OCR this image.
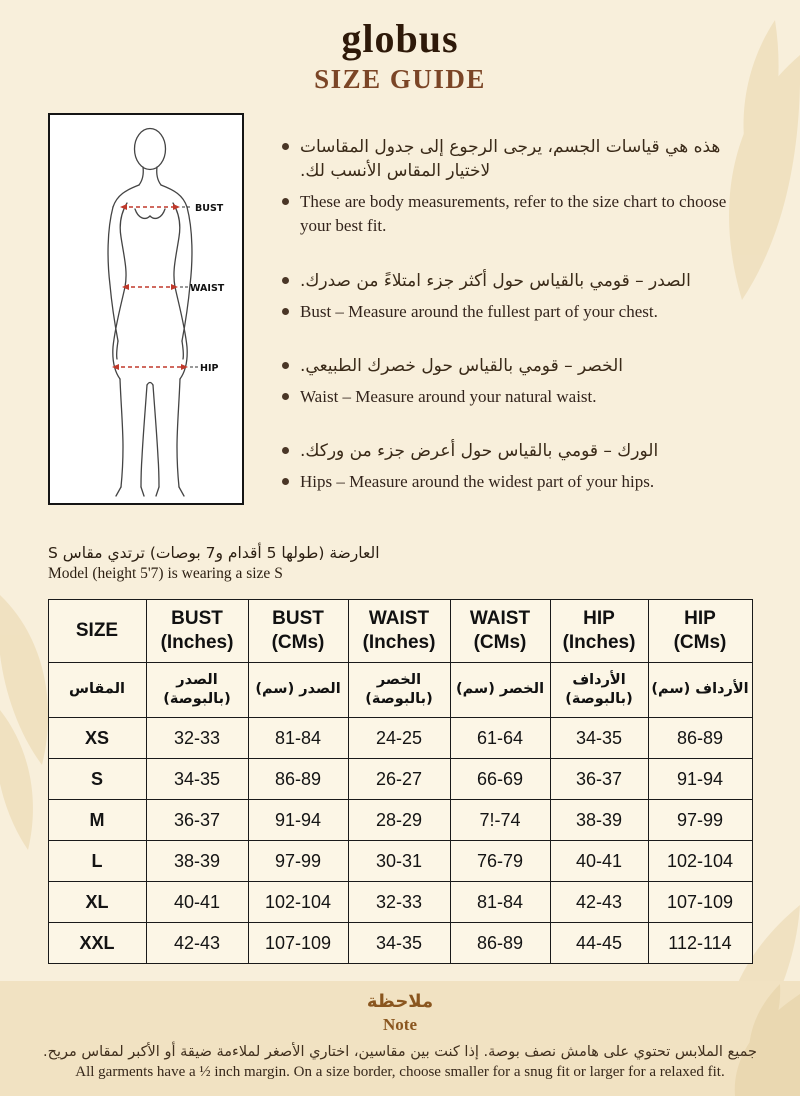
globus
SIZE GUIDE
BUST
WAIST
HIP
هذه هي قياسات الجسم، يرجى الرجوع إلى جدول المقاسات لاختيار المقاس الأنسب لك.
These are body measurements, refer to the size chart to choose your best fit.
الصدر – قومي بالقياس حول أكثر جزء امتلاءً من صدرك.
Bust – Measure around the fullest part of your chest.
الخصر – قومي بالقياس حول خصرك الطبيعي.
Waist – Measure around your natural waist.
الورك – قومي بالقياس حول أعرض جزء من وركك.
Hips – Measure around the widest part of your hips.
العارضة (طولها 5 أقدام و7 بوصات) ترتدي مقاس S
Model (height 5'7) is wearing a size S
SIZE

BUST
(Inches)

BUST
(CMs)

WAIST
(Inches)

WAIST
(CMs)

HIP
(Inches)

HIP
(CMs)

المقاس

الصدر
(بالبوصة)

الصدر (سم)

الخصر
(بالبوصة)

الخصر (سم)

الأرداف
(بالبوصة)

الأرداف (سم)

XS	32-33	81-84	24-25	61-64	34-35	86-89
S	34-35	86-89	26-27	66-69	36-37	91-94
M	36-37	91-94	28-29	7!-74	38-39	97-99
L	38-39	97-99	30-31	76-79	40-41	102-104
XL	40-41	102-104	32-33	81-84	42-43	107-109
XXL	42-43	107-109	34-35	86-89	44-45	112-114
ملاحظة
Note
جميع الملابس تحتوي على هامش نصف بوصة. إذا كنت بين مقاسين، اختاري الأصغر لملاءمة ضيقة أو الأكبر لمقاس مريح.
All garments have a ½ inch margin. On a size border, choose smaller for a snug fit or larger for a relaxed fit.
